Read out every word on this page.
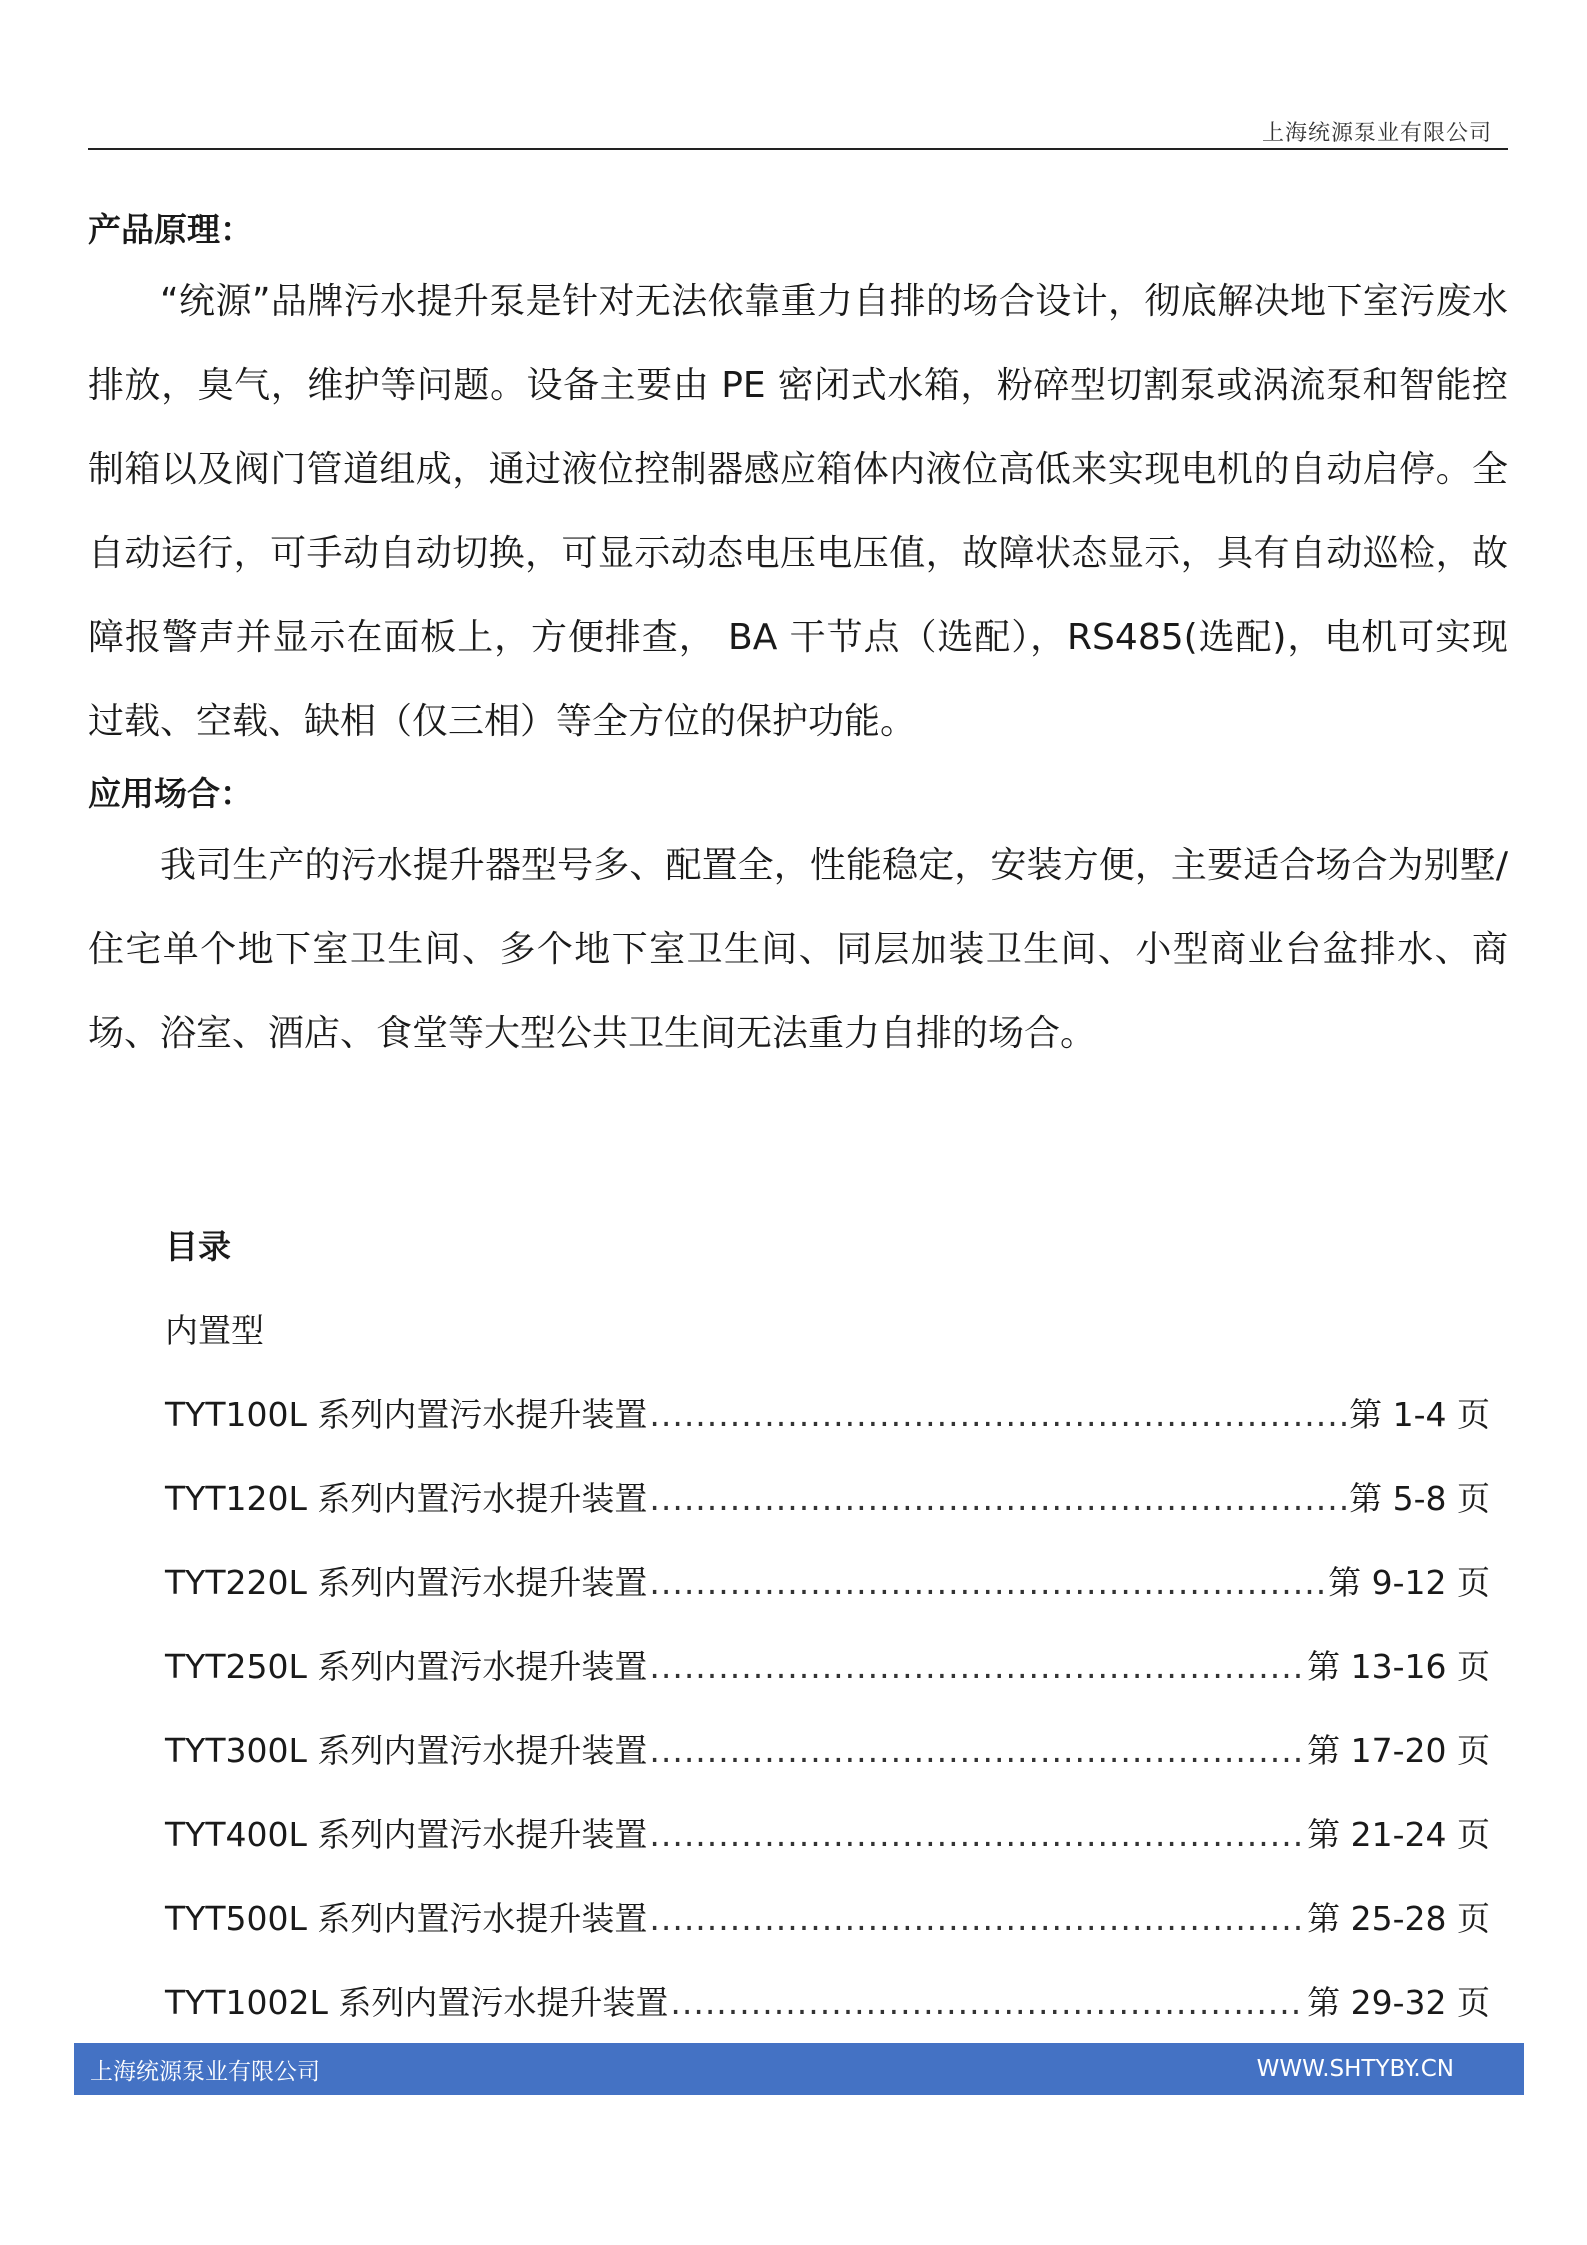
上海统源泵业有限公司

产品原理：

“统源”品牌污水提升泵是针对无法依靠重力自排的场合设计，彻底解决地下室污废水排放，臭气，维护等问题。设备主要由 PE 密闭式水箱，粉碎型切割泵或涡流泵和智能控制箱以及阀门管道组成，通过液位控制器感应箱体内液位高低来实现电机的自动启停。全自动运行，可手动自动切换，可显示动态电压电压值，故障状态显示，具有自动巡检，故障报警声并显示在面板上，方便排查， BA 干节点（选配），RS485(选配)，电机可实现过载、空载、缺相（仅三相）等全方位的保护功能。

应用场合：

我司生产的污水提升器型号多、配置全，性能稳定，安装方便，主要适合场合为别墅/住宅单个地下室卫生间、多个地下室卫生间、同层加装卫生间、小型商业台盆排水、商场、浴室、酒店、食堂等大型公共卫生间无法重力自排的场合。

目录

内置型

TYT100L 系列内置污水提升装置 .....	第 1-4 页
TYT120L 系列内置污水提升装置 .....	第 5-8 页
TYT220L 系列内置污水提升装置 .....	第 9-12 页
TYT250L 系列内置污水提升装置 .....	第 13-16 页
TYT300L 系列内置污水提升装置 .....	第 17-20 页
TYT400L 系列内置污水提升装置 .....	第 21-24 页
TYT500L 系列内置污水提升装置 .....	第 25-28 页
TYT1002L 系列内置污水提升装置 .....	第 29-32 页
上海统源泵业有限公司	WWW.SHTYBY.CN
